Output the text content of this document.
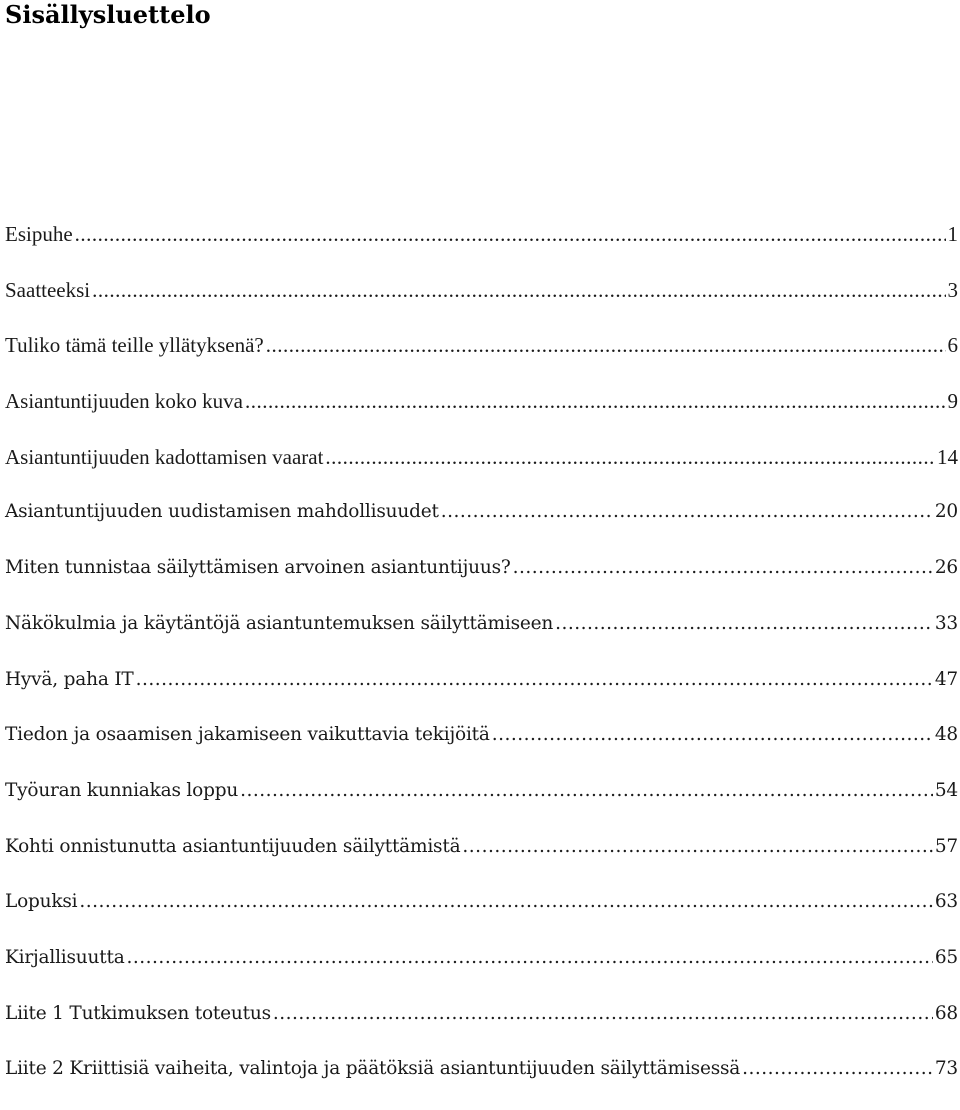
Sisällysluettelo
Esipuhe .....	1
Saatteeksi .....	3
Tuliko tämä teille yllätyksenä? .....	6
Asiantuntijuuden koko kuva .....	9
Asiantuntijuuden kadottamisen vaarat .....	14
Asiantuntijuuden uudistamisen mahdollisuudet .....	20
Miten tunnistaa säilyttämisen arvoinen asiantuntijuus? .....	26
Näkökulmia ja käytäntöjä asiantuntemuksen säilyttämiseen .....	33
Hyvä, paha IT .....	47
Tiedon ja osaamisen jakamiseen vaikuttavia tekijöitä .....	48
Työuran kunniakas loppu .....	54
Kohti onnistunutta asiantuntijuuden säilyttämistä .....	57
Lopuksi .....	63
Kirjallisuutta .....	65
Liite 1 Tutkimuksen toteutus .....	68
Liite 2 Kriittisiä vaiheita, valintoja ja päätöksiä asiantuntijuuden säilyttämisessä .....	73
